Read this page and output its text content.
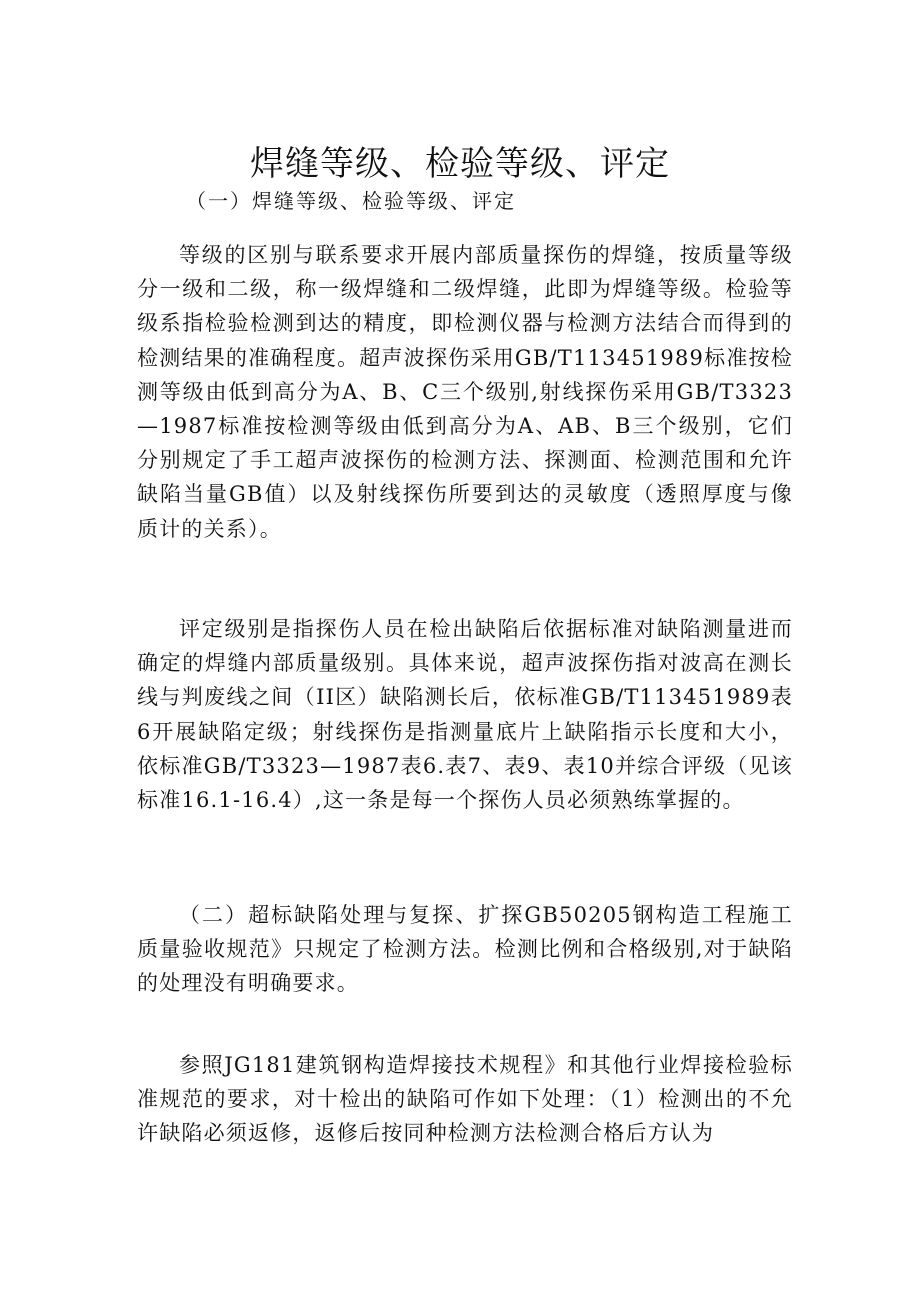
焊缝等级、检验等级、评定
（一）焊缝等级、检验等级、评定

等级的区别与联系要求开展内部质量探伤的焊缝，按质量等级分一级和二级，称一级焊缝和二级焊缝，此即为焊缝等级。检验等级系指检验检测到达的精度，即检测仪器与检测方法结合而得到的检测结果的准确程度。超声波探伤采用GB/T113451989标准按检测等级由低到高分为A、B、C三个级别,射线探伤采用GB/T3323—1987标准按检测等级由低到高分为A、AB、B三个级别，它们分别规定了手工超声波探伤的检测方法、探测面、检测范围和允许缺陷当量GB值）以及射线探伤所要到达的灵敏度（透照厚度与像质计的关系）。

评定级别是指探伤人员在检出缺陷后依据标准对缺陷测量进而确定的焊缝内部质量级别。具体来说，超声波探伤指对波高在测长线与判废线之间（II区）缺陷测长后，依标准GB/T113451989表6开展缺陷定级；射线探伤是指测量底片上缺陷指示长度和大小，依标准GB/T3323—1987表6.表7、表9、表10并综合评级（见该标准16.1-16.4）,这一条是每一个探伤人员必须熟练掌握的。

（二）超标缺陷处理与复探、扩探GB50205钢构造工程施工质量验收规范》只规定了检测方法。检测比例和合格级别,对于缺陷的处理没有明确要求。

参照JG181建筑钢构造焊接技术规程》和其他行业焊接检验标准规范的要求，对十检出的缺陷可作如下处理：（1）检测出的不允许缺陷必须返修，返修后按同种检测方法检测合格后方认为
